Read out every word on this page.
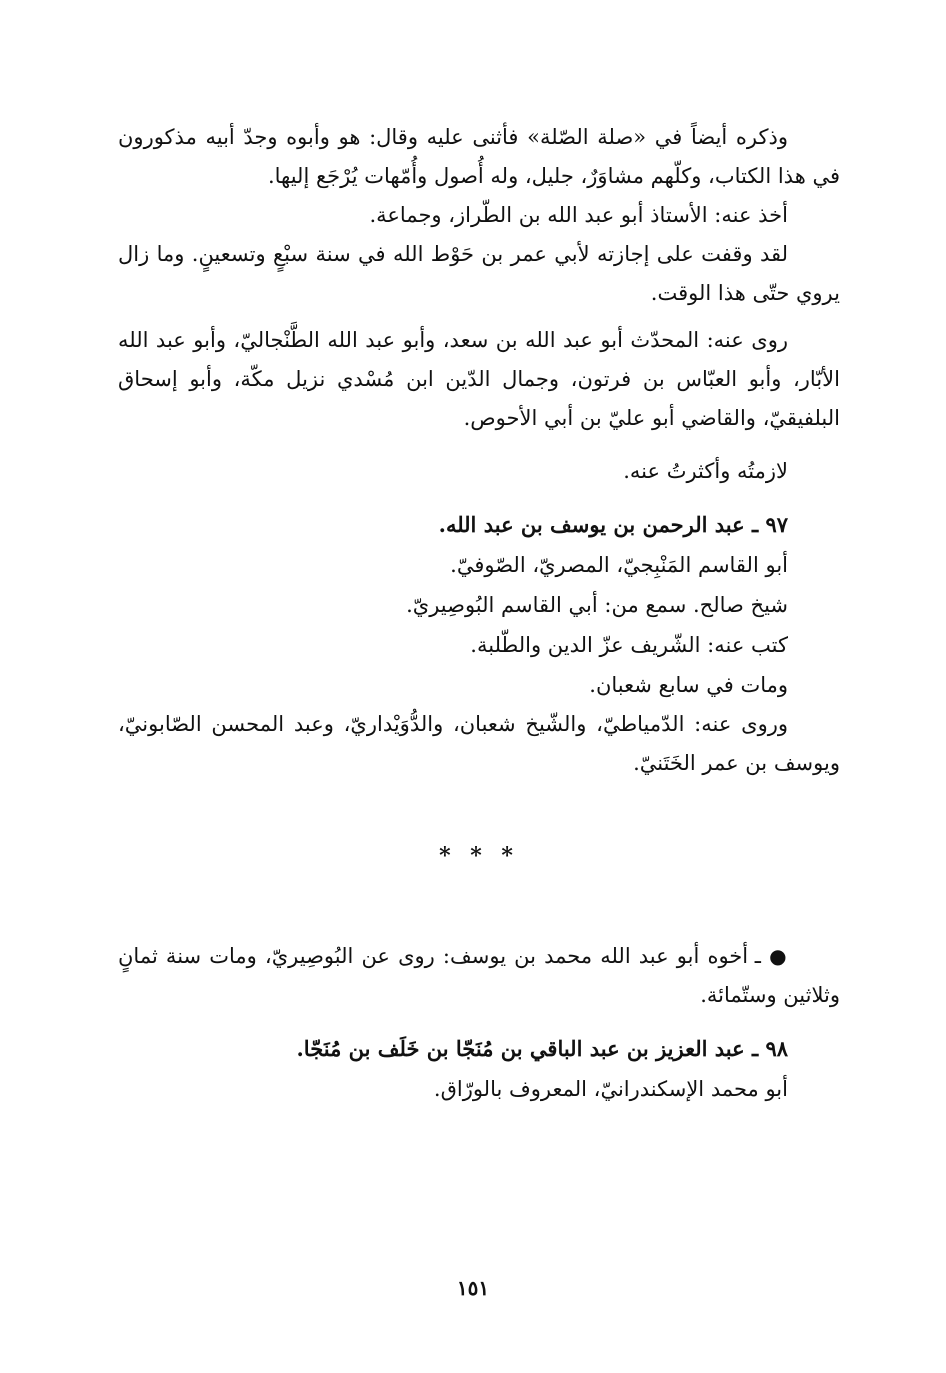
وذكره أيضاً في «صلة الصّلة» فأثنى عليه وقال: هو وأبوه وجدّ أبيه مذكورون في هذا الكتاب، وكلّهم مشاوَرٌ، جليل، وله أُصول وأُمّهات يُرْجَع إليها.

أخذ عنه: الأستاذ أبو عبد الله بن الطّراز، وجماعة.

لقد وقفت على إجازته لأبي عمر بن حَوْط الله في سنة سبْعٍ وتسعينٍ. وما زال يروي حتّى هذا الوقت.

روى عنه: المحدّث أبو عبد الله بن سعد، وأبو عبد الله الطَّنْجاليّ، وأبو عبد الله الأبّار، وأبو العبّاس بن فرتون، وجمال الدّين ابن مُسْدي نزيل مكّة، وأبو إسحاق البلفيقيّ، والقاضي أبو عليّ بن أبي الأحوص.

لازمتُه وأكثرتُ عنه.

٩٧ ـ عبد الرحمن بن يوسف بن عبد الله.

أبو القاسم المَنْبِجيّ، المصريّ، الصّوفيّ.

شيخ صالح. سمع من: أبي القاسم البُوصِيريّ.

كتب عنه: الشّريف عزّ الدين والطّلبة.

ومات في سابع شعبان.

وروى عنه: الدّمياطيّ، والشّيخ شعبان، والدُّوَيْداريّ، وعبد المحسن الصّابونيّ، ويوسف بن عمر الخَتَنيّ.

* * *

● ـ أخوه أبو عبد الله محمد بن يوسف: روى عن البُوصِيريّ، ومات سنة ثمانٍ وثلاثين وستّمائة.

٩٨ ـ عبد العزيز بن عبد الباقي بن مُنَجّا بن خَلَف بن مُنَجّا.

أبو محمد الإسكندرانيّ، المعروف بالورّاق.

١٥١
